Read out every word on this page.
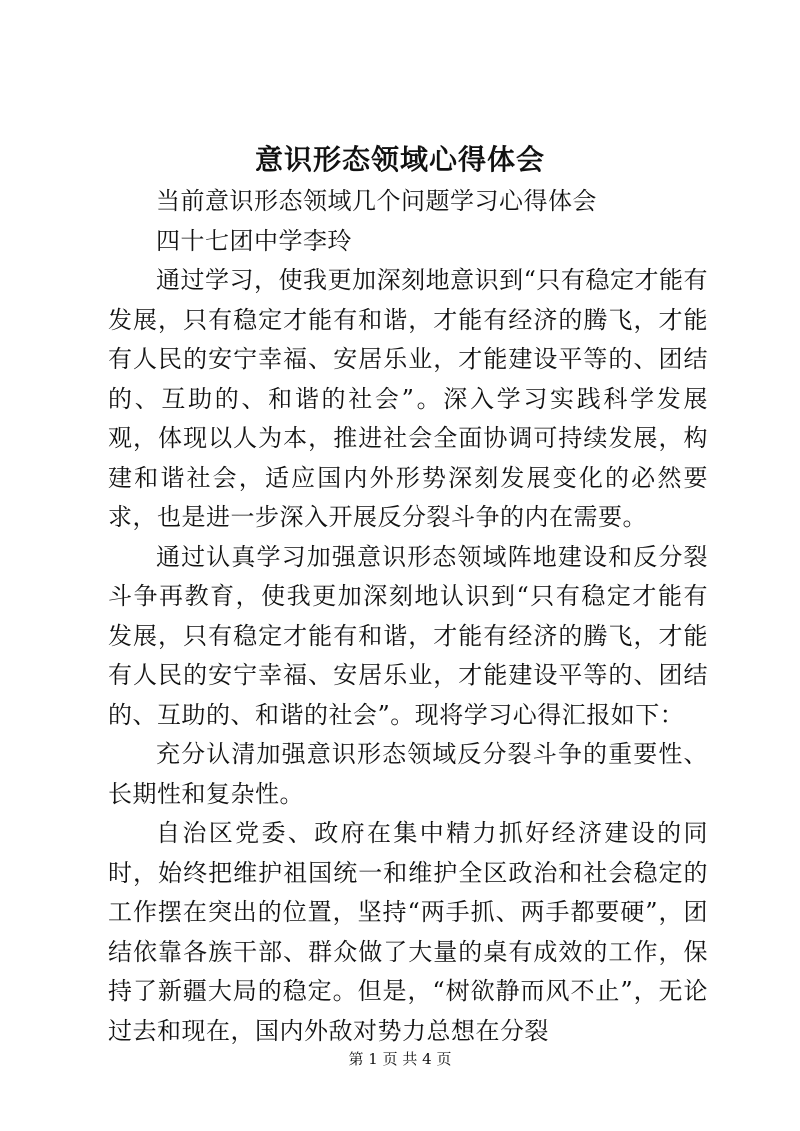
意识形态领域心得体会

当前意识形态领域几个问题学习心得体会

四十七团中学李玲

通过学习，使我更加深刻地意识到“只有稳定才能有发展，只有稳定才能有和谐，才能有经济的腾飞，才能有人民的安宁幸福、安居乐业，才能建设平等的、团结的、互助的、和谐的社会”。深入学习实践科学发展观，体现以人为本，推进社会全面协调可持续发展，构建和谐社会，适应国内外形势深刻发展变化的必然要求，也是进一步深入开展反分裂斗争的内在需要。

通过认真学习加强意识形态领域阵地建设和反分裂斗争再教育，使我更加深刻地认识到“只有稳定才能有发展，只有稳定才能有和谐，才能有经济的腾飞，才能有人民的安宁幸福、安居乐业，才能建设平等的、团结的、互助的、和谐的社会”。现将学习心得汇报如下：

充分认清加强意识形态领域反分裂斗争的重要性、长期性和复杂性。

自治区党委、政府在集中精力抓好经济建设的同时，始终把维护祖国统一和维护全区政治和社会稳定的工作摆在突出的位置，坚持“两手抓、两手都要硬”，团结依靠各族干部、群众做了大量的桌有成效的工作，保持了新疆大局的稳定。但是，“树欲静而风不止”，无论过去和现在，国内外敌对势力总想在分裂

第 1 页 共 4 页
